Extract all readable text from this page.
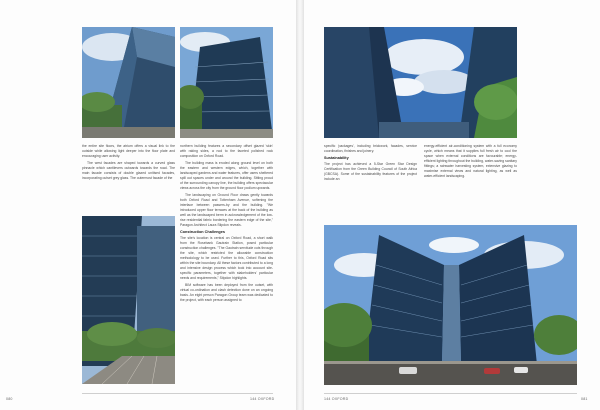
the entire site floors, the atrium offers a visual link to the outside while allowing light deeper into the floor plate and encouraging user activity.

The west facades are shaped towards a curved glass pinnacle which cantilevers outwards towards the road. The main facade consists of double glazed unitised facades, incorporating outset grey glass. The outermost facade of the

northern building features a secondary offset glazed 'skin' with raking sides, a nod to the faceted polished rock composition on Oxford Road.

The building mass is eroded along ground level on both the eastern and western edges, which, together with landscaped gardens and water features, offer users sheltered spill out spaces under and around the building. Sitting proud of the surrounding canopy line, the building offers spectacular views across the city from the ground floor podium upwards.

The landscaping on Ground Floor draws gently towards both Oxford Road and Tottenham Avenue, softening the interface between passers-by and the building. "We introduced upper floor terraces at the back of the building as well as the landscaped berm in acknowledgement of the low-rise residential fabric bordering the eastern edge of the site," Paragon Architect Laura Stipdon reveals.

Construction Challenges

The site's location is central on Oxford Road, a short walk from the Rosebank Gautrain Station, posed particular construction challenges. "The Gautrain servitude cuts through the site, which restricted the allowable construction methodology to be used. Further to this, Oxford Road sits within the site boundary. All these factors contributed to a long and intensive design process which took into account site-specific parameters, together with stakeholders' particular needs and requirements," Stipdon highlights.

BIM software has been deployed from the outset, with virtual co-ordination and clash detection done on an ongoing basis. An eight person Paragon Group team was dedicated to the project, with each person assigned to

080	144 OXFORD

specific 'packages', including brickwork, facades, service coordination, finishes and joinery.

Sustainability

The project has achieved a 5-Star Green Star Design Certification from the Green Building Council of South Africa (GBCSA). Some of the sustainability features of the project include an

energy-efficient air-conditioning system with a full economy cycle, which means that it supplies full fresh air to cool the space when external conditions are favourable; energy-efficient lighting throughout the building, water-saving sanitary fittings; a rainwater harvesting system, extensive glazing to maximise external views and natural lighting, as well as water-efficient landscaping.

144 OXFORD	081
